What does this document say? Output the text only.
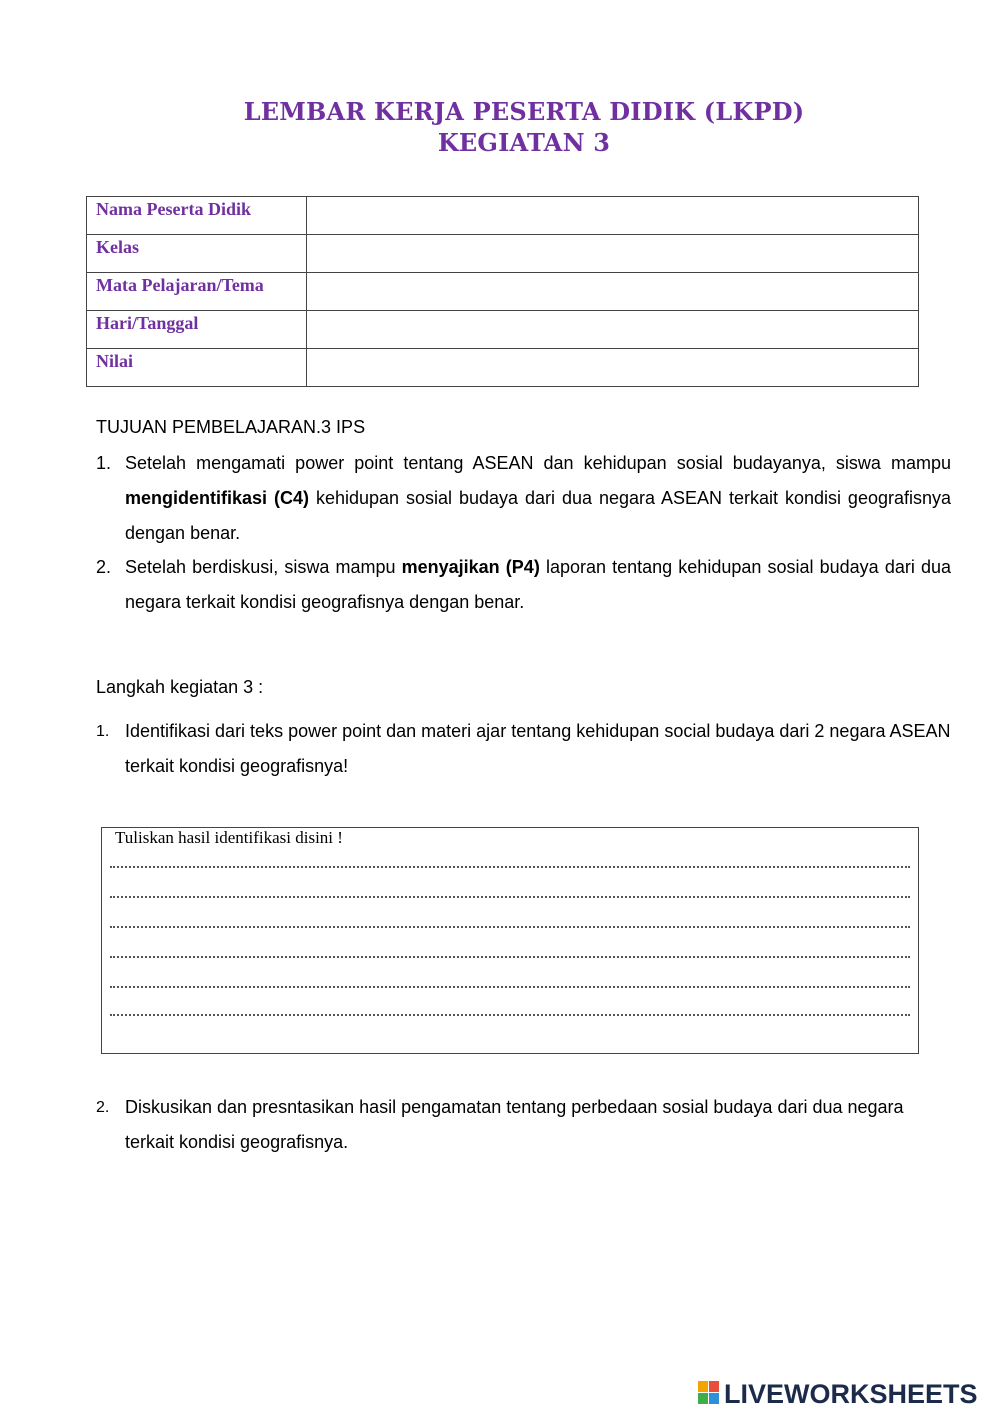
LEMBAR KERJA PESERTA DIDIK (LKPD)
KEGIATAN 3
Nama Peserta Didik	
Kelas	
Mata Pelajaran/Tema	
Hari/Tanggal	
Nilai	
TUJUAN PEMBELAJARAN.3 IPS
1. Setelah mengamati power point tentang ASEAN dan kehidupan sosial budayanya, siswa mampu mengidentifikasi (C4) kehidupan sosial budaya dari dua negara ASEAN terkait kondisi geografisnya dengan benar.
2. Setelah berdiskusi, siswa mampu menyajikan (P4) laporan tentang kehidupan sosial budaya dari dua negara terkait kondisi geografisnya dengan benar.
Langkah kegiatan 3 :
1. Identifikasi dari teks power point dan materi ajar tentang kehidupan social budaya dari 2 negara ASEAN terkait kondisi geografisnya!
Tuliskan hasil identifikasi disini !
2. Diskusikan dan presntasikan hasil pengamatan tentang perbedaan sosial budaya dari dua negara terkait kondisi geografisnya.
LIVEWORKSHEETS
